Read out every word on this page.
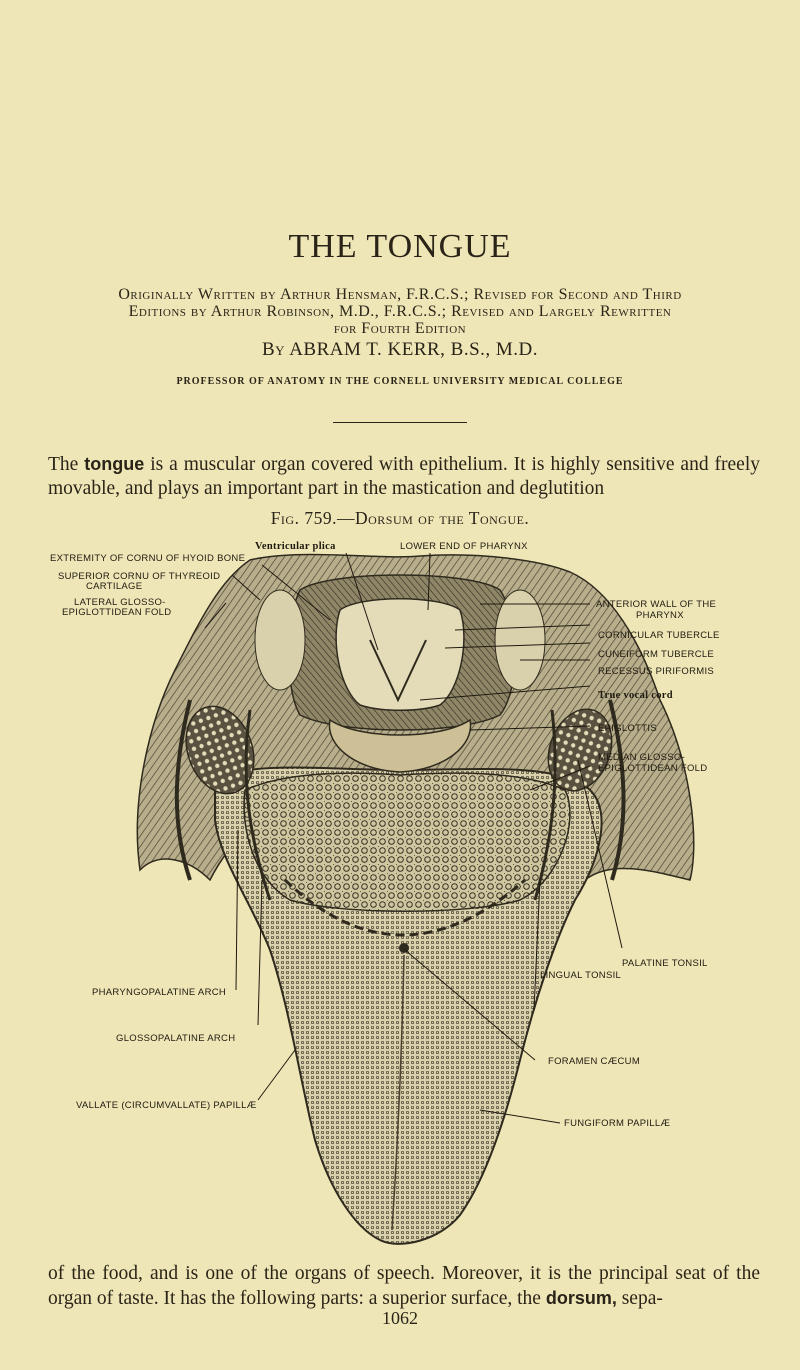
THE TONGUE
Originally Written by Arthur Hensman, F.R.C.S.; Revised for Second and Third
Editions by Arthur Robinson, M.D., F.R.C.S.; Revised and Largely Rewritten
for Fourth Edition
By ABRAM T. KERR, B.S., M.D.
PROFESSOR OF ANATOMY IN THE CORNELL UNIVERSITY MEDICAL COLLEGE
The tongue is a muscular organ covered with epithelium. It is highly sensitive and freely movable, and plays an important part in the mastication and deglutition
Fig. 759.—Dorsum of the Tongue.
Ventricular plica	LOWER END OF PHARYNX
EXTREMITY OF CORNU OF HYOID BONE
SUPERIOR CORNU OF THYREOID
CARTILAGE
LATERAL GLOSSO-
EPIGLOTTIDEAN FOLD
ANTERIOR WALL OF THE
PHARYNX
CORNICULAR TUBERCLE
CUNEIFORM TUBERCLE
RECESSUS PIRIFORMIS
True vocal cord
EPIGLOTTIS
MEDIAN GLOSSO-
EPIGLOTTIDEAN FOLD
PALATINE TONSIL
LINGUAL TONSIL
PHARYNGOPALATINE ARCH
GLOSSOPALATINE ARCH
FORAMEN CÆCUM
VALLATE (CIRCUMVALLATE) PAPILLÆ
FUNGIFORM PAPILLÆ
of the food, and is one of the organs of speech. Moreover, it is the principal seat of the organ of taste. It has the following parts: a superior surface, the dorsum, sepa-
1062
